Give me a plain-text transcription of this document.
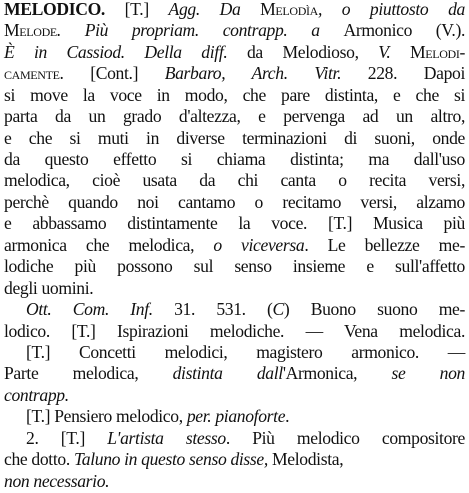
MELODICO. [T.] Agg. Da Melodìa, o piuttosto da
Melode. Più propriam. contrapp. a Armonico (V.).
È in Cassiod. Della diff. da Melodioso, V. Melodi-
camente. [Cont.] Barbaro, Arch. Vitr. 228. Dapoi
si move la voce in modo, che pare distinta, e che si
parta da un grado d'altezza, e pervenga ad un altro,
e che si muti in diverse terminazioni di suoni, onde
da questo effetto si chiama distinta; ma dall'uso
melodica, cioè usata da chi canta o recita versi,
perchè quando noi cantamo o recitamo versi, alzamo
e abbassamo distintamente la voce. [T.] Musica più
armonica che melodica, o viceversa. Le bellezze me-
lodiche più possono sul senso insieme e sull'affetto
degli uomini.
Ott. Com. Inf. 31. 531. (C) Buono suono me-
lodico. [T.] Ispirazioni melodiche. — Vena melodica.
[T.] Concetti melodici, magistero armonico. —
Parte melodica, distinta dall'Armonica, se non
contrapp.
[T.] Pensiero melodico, per. pianoforte.
2. [T.] L'artista stesso. Più melodico compositore
che dotto. Taluno in questo senso disse, Melodista,
non necessario.
